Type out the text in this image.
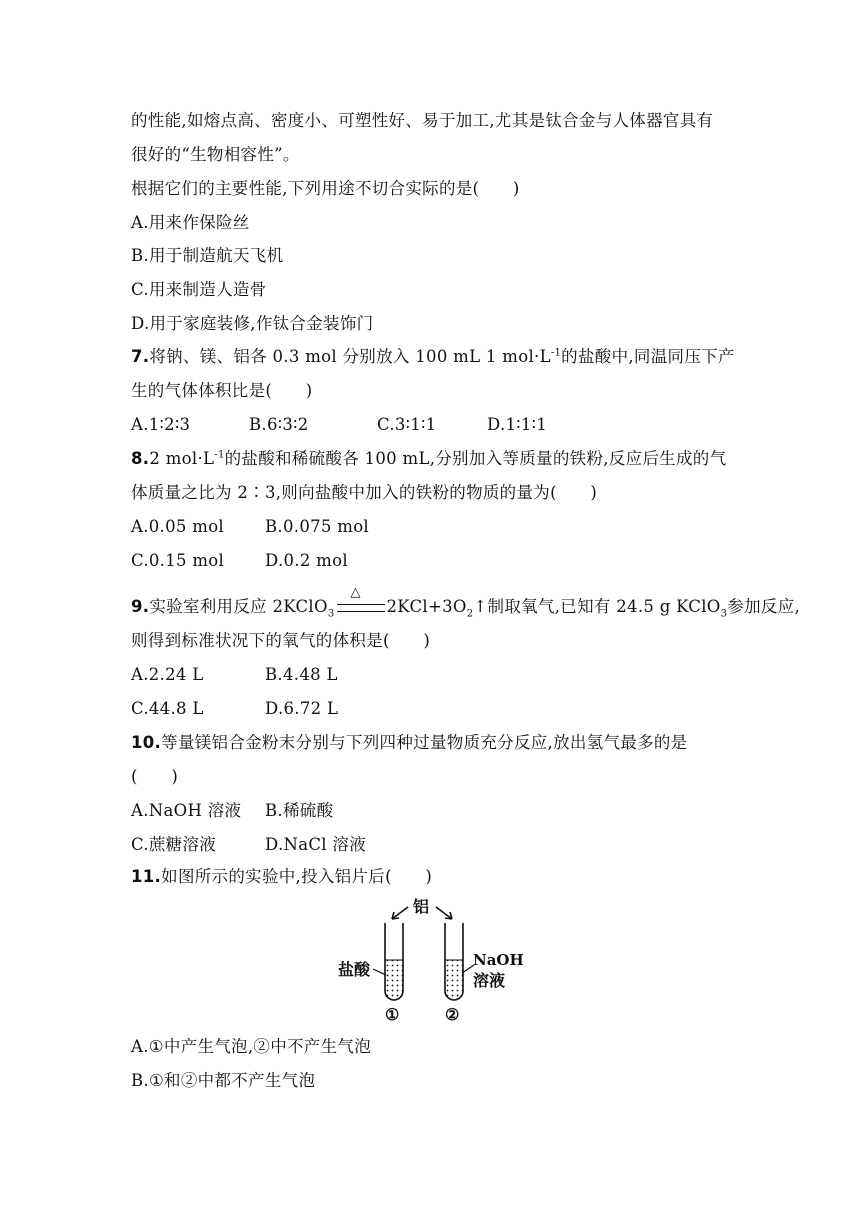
的性能,如熔点高、密度小、可塑性好、易于加工,尤其是钛合金与人体器官具有
很好的“生物相容性”。
根据它们的主要性能,下列用途不切合实际的是(　　)
A.用来作保险丝
B.用于制造航天飞机
C.用来制造人造骨
D.用于家庭装修,作钛合金装饰门
7.将钠、镁、铝各 0.3 mol 分别放入 100 mL 1 $mol\cdot L^{-1}$的盐酸中,同温同压下产
生的气体体积比是(　　)
A.1∶2∶3	B.6∶3∶2	C.3∶1∶1	D.1∶1∶1
8.2 $mol\cdot L^{-1}$的盐酸和稀硫酸各 100 mL,分别加入等质量的铁粉,反应后生成的气
体质量之比为 2∶3,则向盐酸中加入的铁粉的物质的量为(　　)
A.0.05 mol B.0.075 mol
C.0.15 mol D.0.2 mol
9.实验室利用反应 2KClO$_3$
△
$2KCl+3O_2↑$制取氧气,已知有 24.5 g KClO$_3$参加反应,
则得到标准状况下的氧气的体积是(　　)
A.2.24 L	B.4.48 L
C.44.8 L	D.6.72 L
10.等量镁铝合金粉末分别与下列四种过量物质充分反应,放出氢气最多的是
(　　)
A.NaOH 溶液 B.稀硫酸
C.蔗糖溶液	D.NaCl 溶液
11.如图所示的实验中,投入铝片后(　　)
铝
盐酸	NaOH
溶液
①	②
A.①中产生气泡,②中不产生气泡
B.①和②中都不产生气泡
